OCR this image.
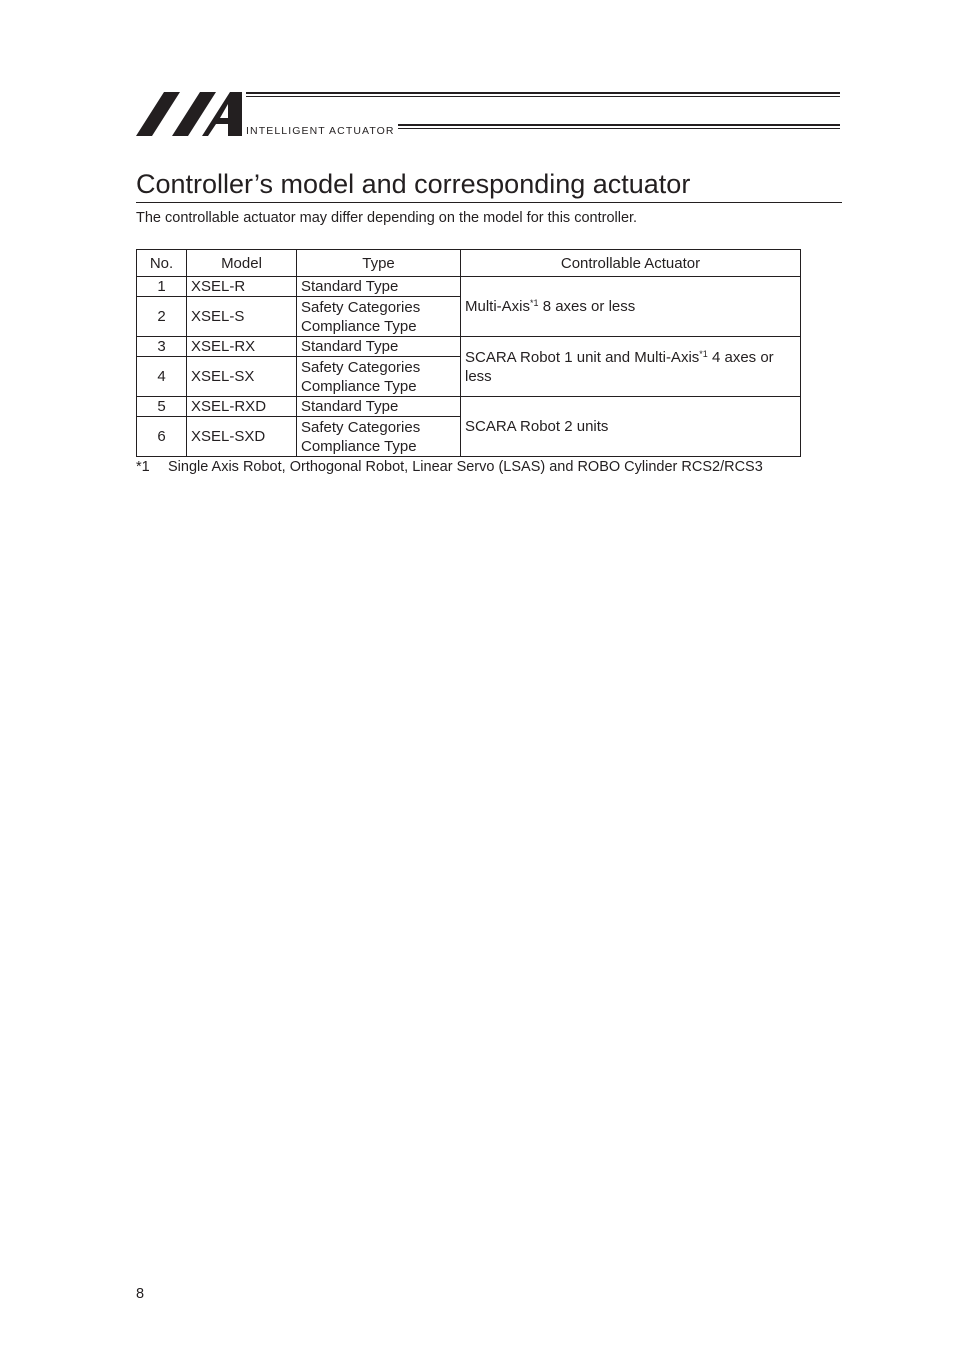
INTELLIGENT ACTUATOR
Controller’s model and corresponding actuator

The controllable actuator may differ depending on the model for this controller.

No.	Model	Type	Controllable Actuator
1	XSEL-R	Standard Type	Multi-Axis$^{*1}$ 8 axes or less
2	XSEL-S	Safety Categories
Compliance Type	
3	XSEL-RX	Standard Type	SCARA Robot 1 unit and Multi-Axis$^{*1}$ 4 axes or less
4	XSEL-SX	Safety Categories
Compliance Type	
5	XSEL-RXD	Standard Type	SCARA Robot 2 units
6	XSEL-SXD	Safety Categories
Compliance Type	
*1 Single Axis Robot, Orthogonal Robot, Linear Servo (LSAS) and ROBO Cylinder RCS2/RCS3
8
